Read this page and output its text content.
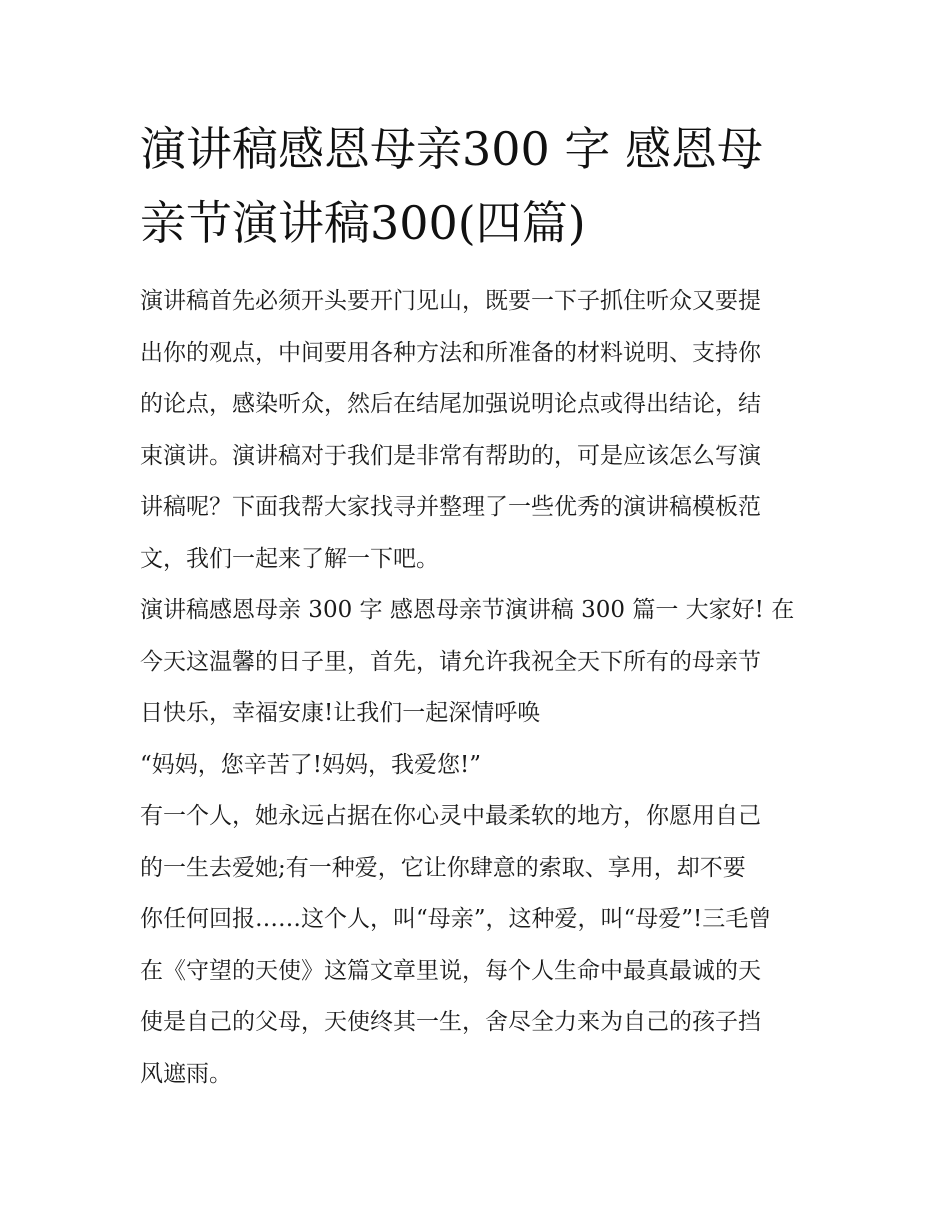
演讲稿感恩母亲300 字 感恩母
亲节演讲稿300(四篇)
演讲稿首先必须开头要开门见山，既要一下子抓住听众又要提
出你的观点，中间要用各种方法和所准备的材料说明、支持你
的论点，感染听众，然后在结尾加强说明论点或得出结论，结
束演讲。演讲稿对于我们是非常有帮助的，可是应该怎么写演
讲稿呢？下面我帮大家找寻并整理了一些优秀的演讲稿模板范
文，我们一起来了解一下吧。
演讲稿感恩母亲 300 字 感恩母亲节演讲稿 300 篇一 大家好! 在
今天这温馨的日子里，首先，请允许我祝全天下所有的母亲节
日快乐，幸福安康!让我们一起深情呼唤
“妈妈，您辛苦了!妈妈，我爱您!”
有一个人，她永远占据在你心灵中最柔软的地方，你愿用自己
的一生去爱她;有一种爱，它让你肆意的索取、享用，却不要
你任何回报……这个人，叫“母亲”，这种爱，叫“母爱”!三毛曾
在《守望的天使》这篇文章里说，每个人生命中最真最诚的天
使是自己的父母，天使终其一生，舍尽全力来为自己的孩子挡
风遮雨。
